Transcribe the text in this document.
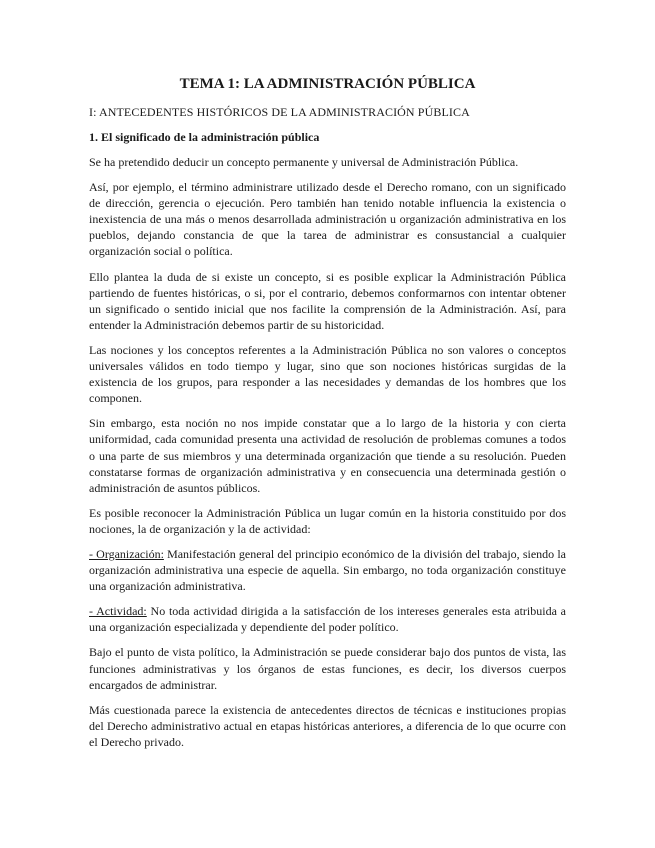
TEMA 1: LA ADMINISTRACIÓN PÚBLICA
I: ANTECEDENTES HISTÓRICOS DE LA ADMINISTRACIÓN PÚBLICA
1. El significado de la administración pública

Se ha pretendido deducir un concepto permanente y universal de Administración Pública.

Así, por ejemplo, el término administrare utilizado desde el Derecho romano, con un significado de dirección, gerencia o ejecución. Pero también han tenido notable influencia la existencia o inexistencia de una más o menos desarrollada administración u organización administrativa en los pueblos, dejando constancia de que la tarea de administrar es consustancial a cualquier organización social o política.

Ello plantea la duda de si existe un concepto, si es posible explicar la Administración Pública partiendo de fuentes históricas, o si, por el contrario, debemos conformarnos con intentar obtener un significado o sentido inicial que nos facilite la comprensión de la Administración. Así, para entender la Administración debemos partir de su historicidad.

Las nociones y los conceptos referentes a la Administración Pública no son valores o conceptos universales válidos en todo tiempo y lugar, sino que son nociones históricas surgidas de la existencia de los grupos, para responder a las necesidades y demandas de los hombres que los componen.

Sin embargo, esta noción no nos impide constatar que a lo largo de la historia y con cierta uniformidad, cada comunidad presenta una actividad de resolución de problemas comunes a todos o una parte de sus miembros y una determinada organización que tiende a su resolución. Pueden constatarse formas de organización administrativa y en consecuencia una determinada gestión o administración de asuntos públicos.

Es posible reconocer la Administración Pública un lugar común en la historia constituido por dos nociones, la de organización y la de actividad:

- Organización: Manifestación general del principio económico de la división del trabajo, siendo la organización administrativa una especie de aquella. Sin embargo, no toda organización constituye una organización administrativa.

- Actividad: No toda actividad dirigida a la satisfacción de los intereses generales esta atribuida a una organización especializada y dependiente del poder político.

Bajo el punto de vista político, la Administración se puede considerar bajo dos puntos de vista, las funciones administrativas y los órganos de estas funciones, es decir, los diversos cuerpos encargados de administrar.

Más cuestionada parece la existencia de antecedentes directos de técnicas e instituciones propias del Derecho administrativo actual en etapas históricas anteriores, a diferencia de lo que ocurre con el Derecho privado.
